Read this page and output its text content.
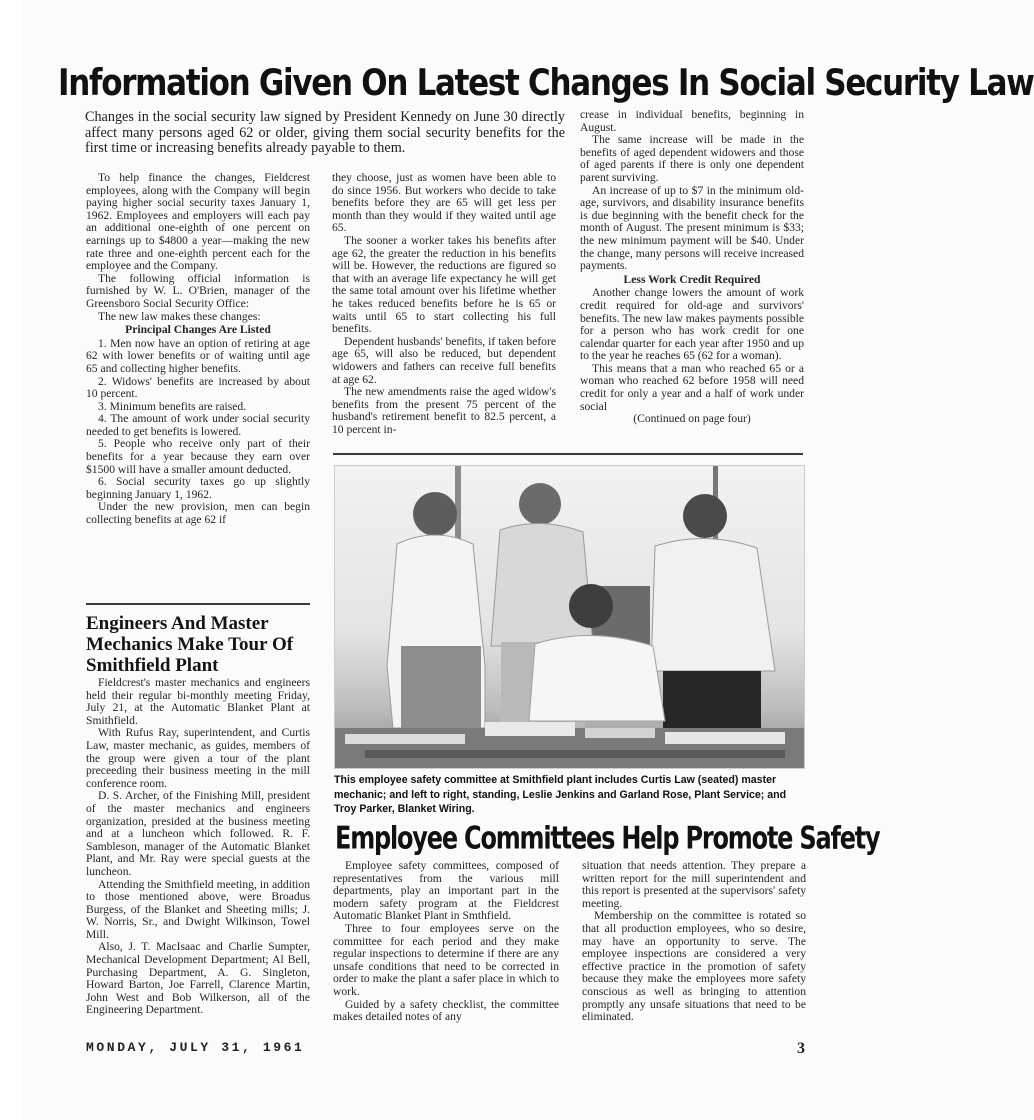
Information Given On Latest Changes In Social Security Law

Changes in the social security law signed by President Kennedy on June 30 directly affect many persons aged 62 or older, giving them social security benefits for the first time or increasing benefits already payable to them.

To help finance the changes, Fieldcrest employees, along with the Company will begin paying higher social security taxes January 1, 1962. Employees and employers will each pay an additional one-eighth of one percent on earnings up to $4800 a year—making the new rate three and one-eighth percent each for the employee and the Company.

The following official information is furnished by W. L. O'Brien, manager of the Greensboro Social Security Office:

The new law makes these changes:

Principal Changes Are Listed

1. Men now have an option of retiring at age 62 with lower benefits or of waiting until age 65 and collecting higher benefits.

2. Widows' benefits are increased by about 10 percent.

3. Minimum benefits are raised.

4. The amount of work under social security needed to get benefits is lowered.

5. People who receive only part of their benefits for a year because they earn over $1500 will have a smaller amount deducted.

6. Social security taxes go up slightly beginning January 1, 1962.

Under the new provision, men can begin collecting benefits at age 62 if

they choose, just as women have been able to do since 1956. But workers who decide to take benefits before they are 65 will get less per month than they would if they waited until age 65.

The sooner a worker takes his benefits after age 62, the greater the reduction in his benefits will be. However, the reductions are figured so that with an average life expectancy he will get the same total amount over his lifetime whether he takes reduced benefits before he is 65 or waits until 65 to start collecting his full benefits.

Dependent husbands' benefits, if taken before age 65, will also be reduced, but dependent widowers and fathers can receive full benefits at age 62.

The new amendments raise the aged widow's benefits from the present 75 percent of the husband's retirement benefit to 82.5 percent, a 10 percent in-

crease in individual benefits, beginning in August.

The same increase will be made in the benefits of aged dependent widowers and those of aged parents if there is only one dependent parent surviving.

An increase of up to $7 in the minimum old-age, survivors, and disability insurance benefits is due beginning with the benefit check for the month of August. The present minimum is $33; the new minimum payment will be $40. Under the change, many persons will receive increased payments.

Less Work Credit Required

Another change lowers the amount of work credit required for old-age and survivors' benefits. The new law makes payments possible for a person who has work credit for one calendar quarter for each year after 1950 and up to the year he reaches 65 (62 for a woman).

This means that a man who reached 65 or a woman who reached 62 before 1958 will need credit for only a year and a half of work under social

(Continued on page four)

Engineers And Master Mechanics Make Tour Of Smithfield Plant

Fieldcrest's master mechanics and engineers held their regular bi-monthly meeting Friday, July 21, at the Automatic Blanket Plant at Smithfield.

With Rufus Ray, superintendent, and Curtis Law, master mechanic, as guides, members of the group were given a tour of the plant preceeding their business meeting in the mill conference room.

D. S. Archer, of the Finishing Mill, president of the master mechanics and engineers organization, presided at the business meeting and at a luncheon which followed. R. F. Sambleson, manager of the Automatic Blanket Plant, and Mr. Ray were special guests at the luncheon.

Attending the Smithfield meeting, in addition to those mentioned above, were Broadus Burgess, of the Blanket and Sheeting mills; J. W. Norris, Sr., and Dwight Wilkinson, Towel Mill.

Also, J. T. MacIsaac and Charlie Sumpter, Mechanical Development Department; Al Bell, Purchasing Department, A. G. Singleton, Howard Barton, Joe Farrell, Clarence Martin, John West and Bob Wilkerson, all of the Engineering Department.

This employee safety committee at Smithfield plant includes Curtis Law (seated) master mechanic; and left to right, standing, Leslie Jenkins and Garland Rose, Plant Service; and Troy Parker, Blanket Wiring.

Employee Committees Help Promote Safety

Employee safety committees, composed of representatives from the various mill departments, play an important part in the modern safety program at the Fieldcrest Automatic Blanket Plant in Smthfield.

Three to four employees serve on the committee for each period and they make regular inspections to determine if there are any unsafe conditions that need to be corrected in order to make the plant a safer place in which to work.

Guided by a safety checklist, the committee makes detailed notes of any

situation that needs attention. They prepare a written report for the mill superintendent and this report is presented at the supervisors' safety meeting.

Membership on the committee is rotated so that all production employees, who so desire, may have an opportunity to serve. The employee inspections are considered a very effective practice in the promotion of safety because they make the employees more safety conscious as well as bringing to attention promptly any unsafe situations that need to be eliminated.

MONDAY, JULY 31, 1961	3
